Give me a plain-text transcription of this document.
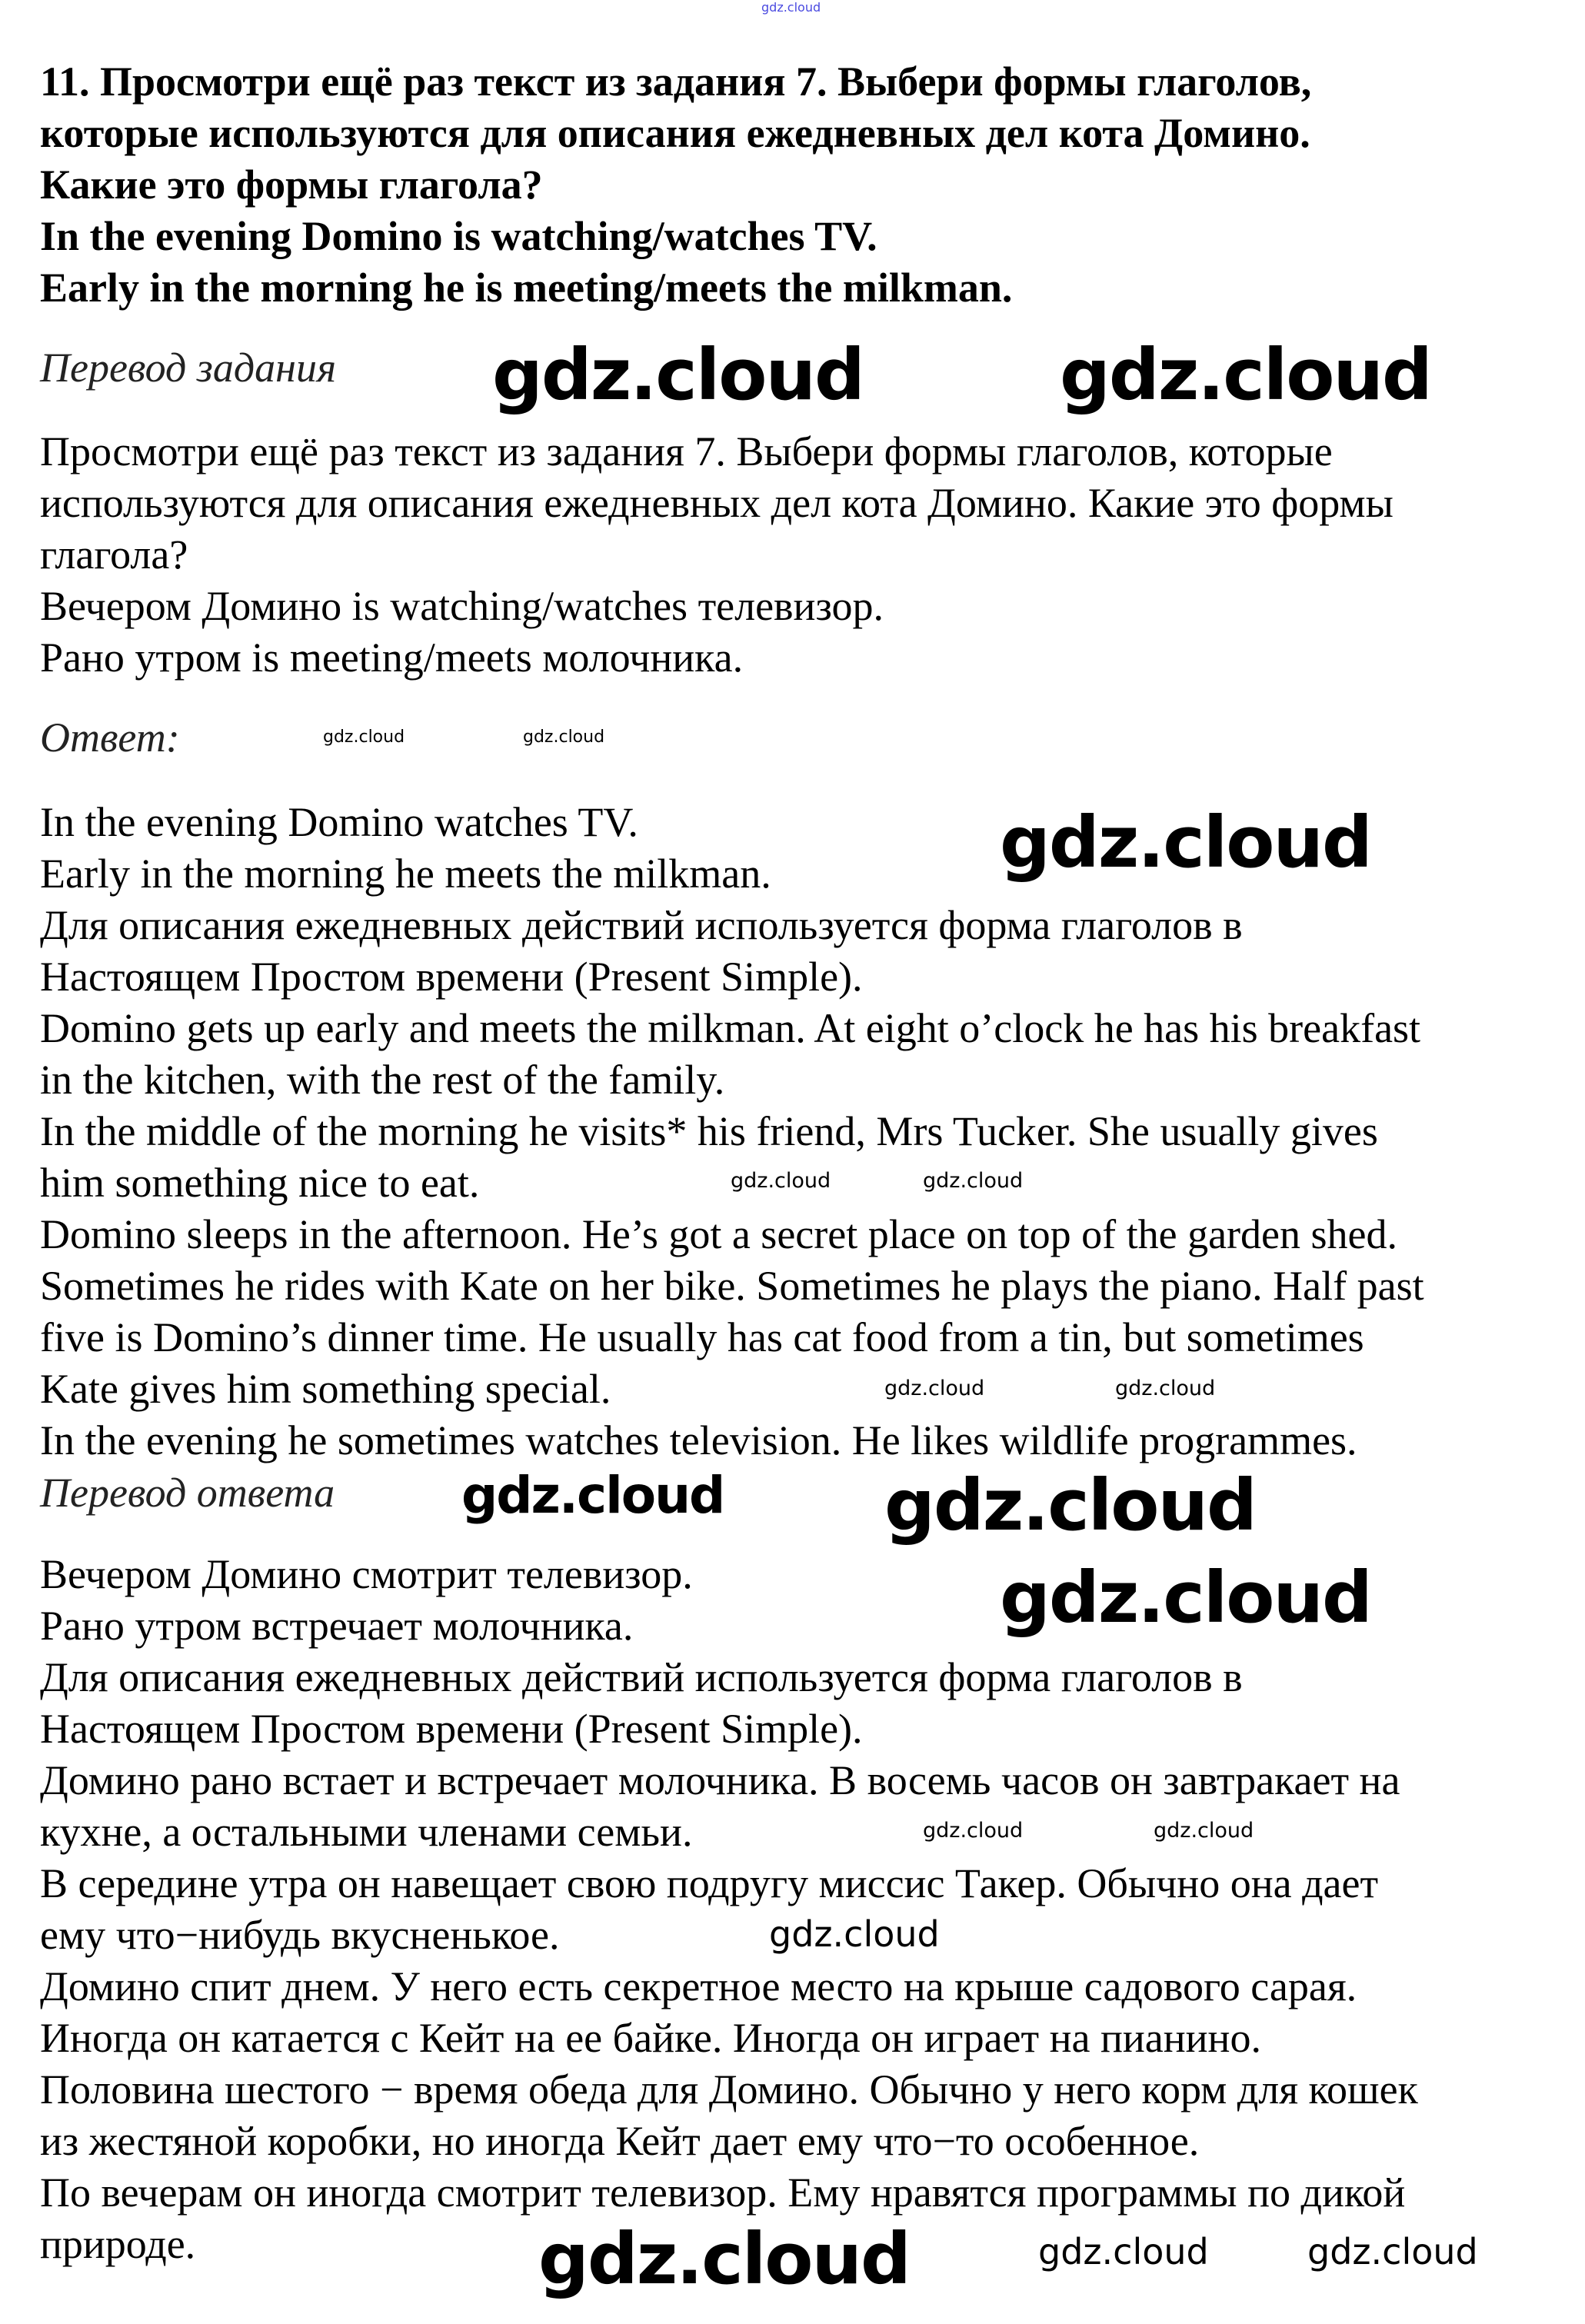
gdz.cloud
11. Просмотри ещё раз текст из задания 7. Выбери формы глаголов,
которые используются для описания ежедневных дел кота Домино.
Какие это формы глагола?
In the evening Domino is watching/watches TV.
Early in the morning he is meeting/meets the milkman.
Перевод задания
Просмотри ещё раз текст из задания 7. Выбери формы глаголов, которые
используются для описания ежедневных дел кота Домино. Какие это формы
глагола?
Вечером Домино is watching/watches телевизор.
Рано утром is meeting/meets молочника.
Ответ:
In the evening Domino watches TV.
Early in the morning he meets the milkman.
Для описания ежедневных действий используется форма глаголов в
Настоящем Простом времени (Present Simple).
Domino gets up early and meets the milkman. At eight o’clock he has his breakfast
in the kitchen, with the rest of the family.
In the middle of the morning he visits* his friend, Mrs Tucker. She usually gives
him something nice to eat.
Domino sleeps in the afternoon. He’s got a secret place on top of the garden shed.
Sometimes he rides with Kate on her bike. Sometimes he plays the piano. Half past
five is Domino’s dinner time. He usually has cat food from a tin, but sometimes
Kate gives him something special.
In the evening he sometimes watches television. He likes wildlife programmes.
Перевод ответа
Вечером Домино смотрит телевизор.
Рано утром встречает молочника.
Для описания ежедневных действий используется форма глаголов в
Настоящем Простом времени (Present Simple).
Домино рано встает и встречает молочника. В восемь часов он завтракает на
кухне, а остальными членами семьи.
В середине утра он навещает свою подругу миссис Такер. Обычно она дает
ему что−нибудь вкусненькое.
Домино спит днем. У него есть секретное место на крыше садового сарая.
Иногда он катается с Кейт на ее байке. Иногда он играет на пианино.
Половина шестого − время обеда для Домино. Обычно у него корм для кошек
из жестяной коробки, но иногда Кейт дает ему что−то особенное.
По вечерам он иногда смотрит телевизор. Ему нравятся программы по дикой
природе.
gdz.cloud	gdz.cloud
gdz.cloud
gdz.cloud
gdz.cloud
gdz.cloud
gdz.cloud	gdz.cloud
gdz.cloud	gdz.cloud
gdz.cloud	gdz.cloud
gdz.cloud
gdz.cloud	gdz.cloud
gdz.cloud	gdz.cloud	gdz.cloud
